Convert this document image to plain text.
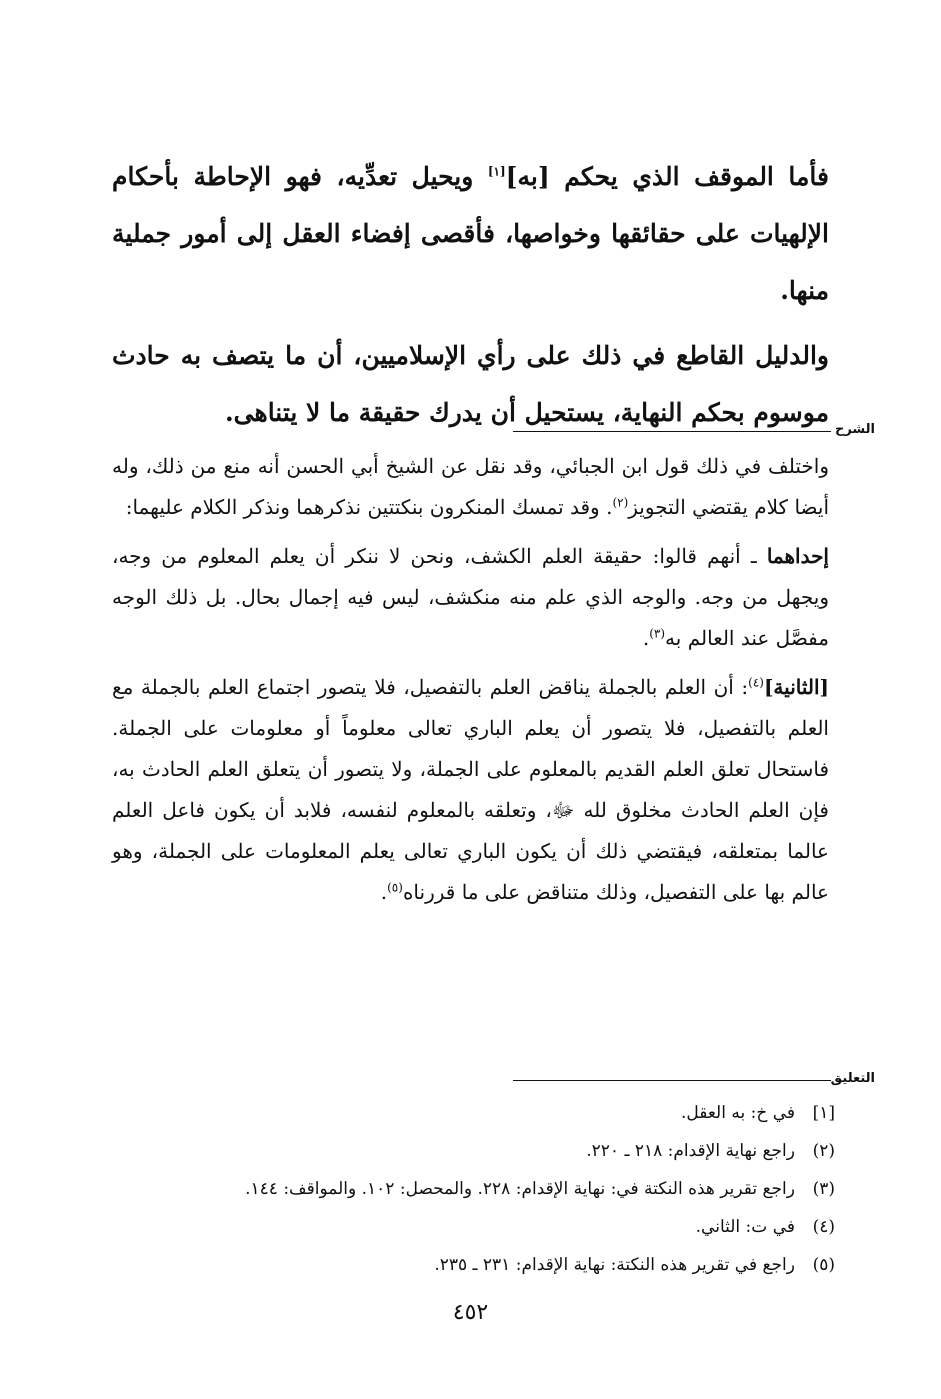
فأما الموقف الذي يحكم [به][١] ويحيل تعدِّيه، فهو الإحاطة بأحكام الإلهيات على حقائقها وخواصها، فأقصى إفضاء العقل إلى أمور جملية منها.

والدليل القاطع في ذلك على رأي الإسلاميين، أن ما يتصف به حادث موسوم بحكم النهاية، يستحيل أن يدرك حقيقة ما لا يتناهى.

الشرح

واختلف في ذلك قول ابن الجبائي، وقد نقل عن الشيخ أبي الحسن أنه منع من ذلك، وله أيضا كلام يقتضي التجويز$^{(٢)}$. وقد تمسك المنكرون بنكتتين نذكرهما ونذكر الكلام عليهما:

إحداهما ـ أنهم قالوا: حقيقة العلم الكشف، ونحن لا ننكر أن يعلم المعلوم من وجه، ويجهل من وجه. والوجه الذي علم منه منكشف، ليس فيه إجمال بحال. بل ذلك الوجه مفصَّل عند العالم به$^{(٣)}$.

[الثانية]$^{(٤)}$: أن العلم بالجملة يناقض العلم بالتفصيل، فلا يتصور اجتماع العلم بالجملة مع العلم بالتفصيل، فلا يتصور أن يعلم الباري تعالى معلوماً أو معلومات على الجملة. فاستحال تعلق العلم القديم بالمعلوم على الجملة، ولا يتصور أن يتعلق العلم الحادث به، فإن العلم الحادث مخلوق لله ﷻ، وتعلقه بالمعلوم لنفسه، فلابد أن يكون فاعل العلم عالما بمتعلقه، فيقتضي ذلك أن يكون الباري تعالى يعلم المعلومات على الجملة، وهو عالم بها على التفصيل، وذلك متناقض على ما قررناه$^{(٥)}$.

التعليق
[١]في خ: به العقل.
(٢)راجع نهاية الإقدام: ٢١٨ ـ ٢٢٠.
(٣)راجع تقرير هذه النكتة في: نهاية الإقدام: ٢٢٨. والمحصل: ١٠٢. والمواقف: ١٤٤.
(٤)في ت: الثاني.
(٥)راجع في تقرير هذه النكتة: نهاية الإقدام: ٢٣١ ـ ٢٣٥.
٤٥٢
